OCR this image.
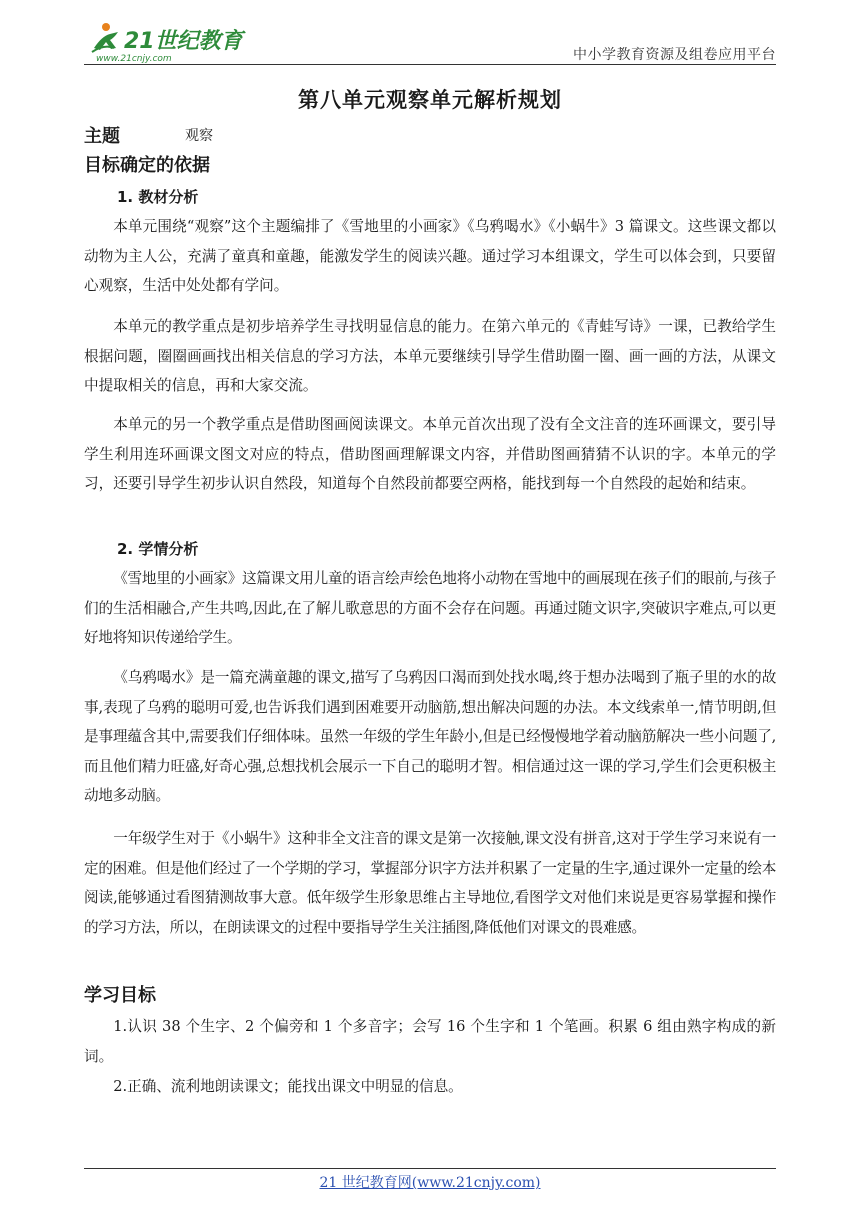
21世纪教育
www.21cnjy.com	中小学教育资源及组卷应用平台
第八单元观察单元解析规划
主题	观察
目标确定的依据
1. 教材分析

本单元围绕“观察”这个主题编排了《雪地里的小画家》《乌鸦喝水》《小蜗牛》3 篇课文。这些课文都以动物为主人公，充满了童真和童趣，能激发学生的阅读兴趣。通过学习本组课文，学生可以体会到，只要留心观察，生活中处处都有学问。

本单元的教学重点是初步培养学生寻找明显信息的能力。在第六单元的《青蛙写诗》一课，已教给学生根据问题，圈圈画画找出相关信息的学习方法，本单元要继续引导学生借助圈一圈、画一画的方法，从课文中提取相关的信息，再和大家交流。

本单元的另一个教学重点是借助图画阅读课文。本单元首次出现了没有全文注音的连环画课文，要引导学生利用连环画课文图文对应的特点，借助图画理解课文内容，并借助图画猜猜不认识的字。本单元的学习，还要引导学生初步认识自然段，知道每个自然段前都要空两格，能找到每一个自然段的起始和结束。

2. 学情分析

《雪地里的小画家》这篇课文用儿童的语言绘声绘色地将小动物在雪地中的画展现在孩子们的眼前,与孩子们的生活相融合,产生共鸣,因此,在了解儿歌意思的方面不会存在问题。再通过随文识字,突破识字难点,可以更好地将知识传递给学生。

《乌鸦喝水》是一篇充满童趣的课文,描写了乌鸦因口渴而到处找水喝,终于想办法喝到了瓶子里的水的故事,表现了乌鸦的聪明可爱,也告诉我们遇到困难要开动脑筋,想出解决问题的办法。本文线索单一,情节明朗,但是事理蕴含其中,需要我们仔细体味。虽然一年级的学生年龄小,但是已经慢慢地学着动脑筋解决一些小问题了,而且他们精力旺盛,好奇心强,总想找机会展示一下自己的聪明才智。相信通过这一课的学习,学生们会更积极主动地多动脑。

一年级学生对于《小蜗牛》这种非全文注音的课文是第一次接触,课文没有拼音,这对于学生学习来说有一定的困难。但是他们经过了一个学期的学习，掌握部分识字方法并积累了一定量的生字,通过课外一定量的绘本阅读,能够通过看图猜测故事大意。低年级学生形象思维占主导地位,看图学文对他们来说是更容易掌握和操作的学习方法，所以，在朗读课文的过程中要指导学生关注插图,降低他们对课文的畏难感。

学习目标

1.认识 38 个生字、2 个偏旁和 1 个多音字；会写 16 个生字和 1 个笔画。积累 6 组由熟字构成的新词。

2.正确、流利地朗读课文；能找出课文中明显的信息。

21 世纪教育网(www.21cnjy.com)
